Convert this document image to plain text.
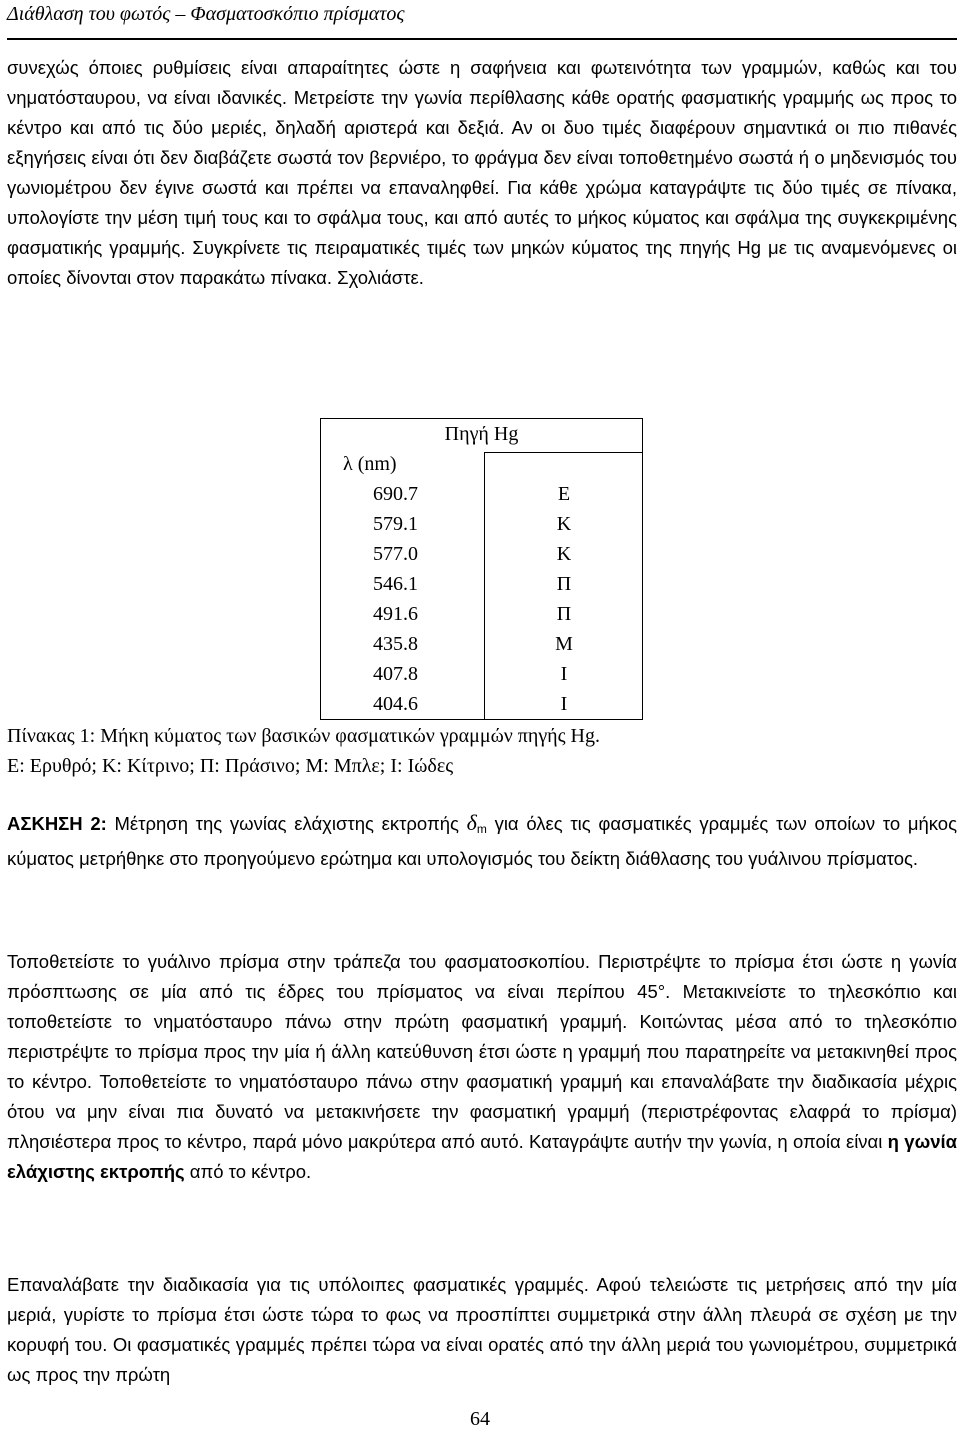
Διάθλαση του φωτός – Φασματοσκόπιο πρίσματος

συνεχώς όποιες ρυθμίσεις είναι απαραίτητες ώστε η σαφήνεια και φωτεινότητα των γραμμών, καθώς και του νηματόσταυρου, να είναι ιδανικές. Μετρείστε την γωνία περίθλασης κάθε ορατής φασματικής γραμμής ως προς το κέντρο και από τις δύο μεριές, δηλαδή αριστερά και δεξιά. Αν οι δυο τιμές διαφέρουν σημαντικά οι πιο πιθανές εξηγήσεις είναι ότι δεν διαβάζετε σωστά τον βερνιέρο, το φράγμα δεν είναι τοποθετημένο σωστά ή ο μηδενισμός του γωνιομέτρου δεν έγινε σωστά και πρέπει να επαναληφθεί. Για κάθε χρώμα καταγράψτε τις δύο τιμές σε πίνακα, υπολογίστε την μέση τιμή τους και το σφάλμα τους, και από αυτές το μήκος κύματος και σφάλμα της συγκεκριμένης φασματικής γραμμής. Συγκρίνετε τις πειραματικές τιμές των μηκών κύματος της πηγής Hg με τις αναμενόμενες οι οποίες δίνονται στον παρακάτω πίνακα. Σχολιάστε.

Πίνακας 1: Μήκη κύματος των βασικών φασματικών γραμμών πηγής Hg.

Πηγή Hg
λ (nm)
690.7	Ε
579.1	Κ
577.0	Κ
546.1	Π
491.6	Π
435.8	Μ
407.8	Ι
404.6	Ι

Ε: Ερυθρό; Κ: Κίτρινο; Π: Πράσινο; Μ: Μπλε; Ι: Ιώδες

ΑΣΚΗΣΗ 2: Μέτρηση της γωνίας ελάχιστης εκτροπής $\delta_m$ για όλες τις φασματικές γραμμές των οποίων το μήκος κύματος μετρήθηκε στο προηγούμενο ερώτημα και υπολογισμός του δείκτη διάθλασης του γυάλινου πρίσματος.

Τοποθετείστε το γυάλινο πρίσμα στην τράπεζα του φασματοσκοπίου. Περιστρέψτε το πρίσμα έτσι ώστε η γωνία πρόσπτωσης σε μία από τις έδρες του πρίσματος να είναι περίπου 45°. Μετακινείστε το τηλεσκόπιο και τοποθετείστε το νηματόσταυρο πάνω στην πρώτη φασματική γραμμή. Κοιτώντας μέσα από το τηλεσκόπιο περιστρέψτε το πρίσμα προς την μία ή άλλη κατεύθυνση έτσι ώστε η γραμμή που παρατηρείτε να μετακινηθεί προς το κέντρο. Τοποθετείστε το νηματόσταυρο πάνω στην φασματική γραμμή και επαναλάβατε την διαδικασία μέχρις ότου να μην είναι πια δυνατό να μετακινήσετε την φασματική γραμμή (περιστρέφοντας ελαφρά το πρίσμα) πλησιέστερα προς το κέντρο, παρά μόνο μακρύτερα από αυτό. Καταγράψτε αυτήν την γωνία, η οποία είναι η γωνία ελάχιστης εκτροπής από το κέντρο.

Επαναλάβατε την διαδικασία για τις υπόλοιπες φασματικές γραμμές. Αφού τελειώστε τις μετρήσεις από την μία μεριά, γυρίστε το πρίσμα έτσι ώστε τώρα το φως να προσπίπτει συμμετρικά στην άλλη πλευρά σε σχέση με την κορυφή του. Οι φασματικές γραμμές πρέπει τώρα να είναι ορατές από την άλλη μεριά του γωνιομέτρου, συμμετρικά ως προς την πρώτη

64
